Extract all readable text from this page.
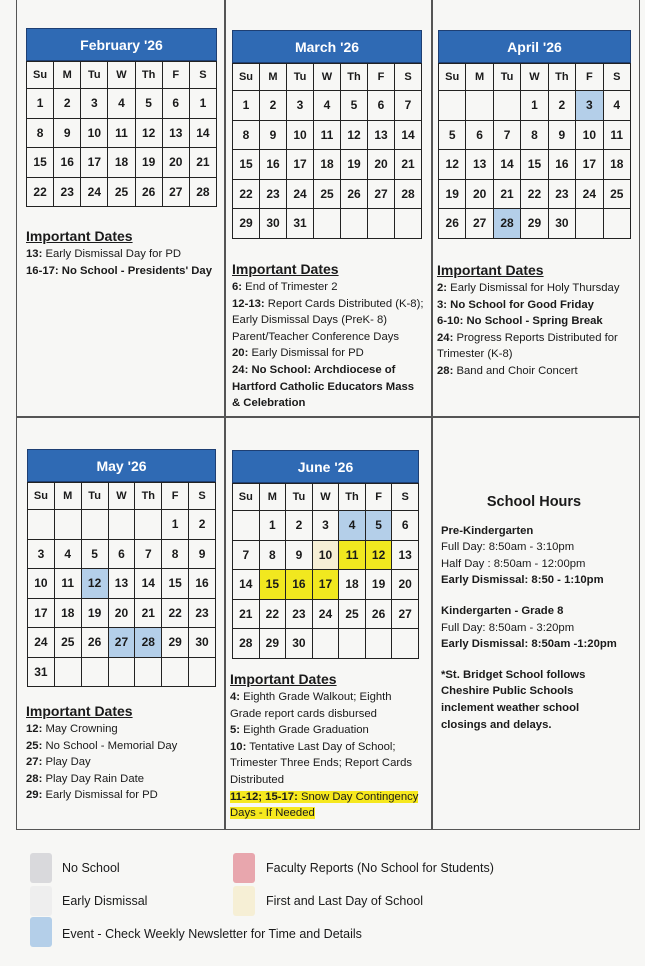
February '26
Su	M	Tu	W	Th	F	S
1	2	3	4	5	6	1
8	9	10	11	12	13	14
15	16	17	18	19	20	21
22	23	24	25	26	27	28
Important Dates
13: Early Dismissal Day for PD
16-17: No School - Presidents' Day
March '26
Su	M	Tu	W	Th	F	S
1	2	3	4	5	6	7
8	9	10	11	12	13	14
15	16	17	18	19	20	21
22	23	24	25	26	27	28
29	30	31				
Important Dates
6: End of Trimester 2
12-13: Report Cards Distributed (K-8); Early Dismissal Days (PreK- 8) Parent/Teacher Conference Days
20: Early Dismissal for PD
24: No School: Archdiocese of Hartford Catholic Educators Mass & Celebration
April '26
Su	M	Tu	W	Th	F	S
			1	2	3	4
5	6	7	8	9	10	11
12	13	14	15	16	17	18
19	20	21	22	23	24	25
26	27	28	29	30		
Important Dates
2: Early Dismissal for Holy Thursday
3: No School for Good Friday
6-10: No School - Spring Break
24: Progress Reports Distributed for Trimester (K-8)
28: Band and Choir Concert
May '26
Su	M	Tu	W	Th	F	S
					1	2
3	4	5	6	7	8	9
10	11	12	13	14	15	16
17	18	19	20	21	22	23
24	25	26	27	28	29	30
31						
Important Dates
12: May Crowning
25: No School - Memorial Day
27: Play Day
28: Play Day Rain Date
29: Early Dismissal for PD
June '26
Su	M	Tu	W	Th	F	S
	1	2	3	4	5	6
7	8	9	10	11	12	13
14	15	16	17	18	19	20
21	22	23	24	25	26	27
28	29	30				
Important Dates
4: Eighth Grade Walkout; Eighth Grade report cards disbursed
5: Eighth Grade Graduation
10: Tentative Last Day of School; Trimester Three Ends; Report Cards Distributed
11-12; 15-17: Snow Day Contingency Days - If Needed
School Hours
Pre-Kindergarten
Full Day: 8:50am - 3:10pm
Half Day : 8:50am - 12:00pm
Early Dismissal: 8:50 - 1:10pm
Kindergarten - Grade 8
Full Day: 8:50am - 3:20pm
Early Dismissal: 8:50am -1:20pm
*St. Bridget School follows Cheshire Public Schools inclement weather school closings and delays.
No School	Faculty Reports (No School for Students)
Early Dismissal	First and Last Day of School
Event - Check Weekly Newsletter for Time and Details
